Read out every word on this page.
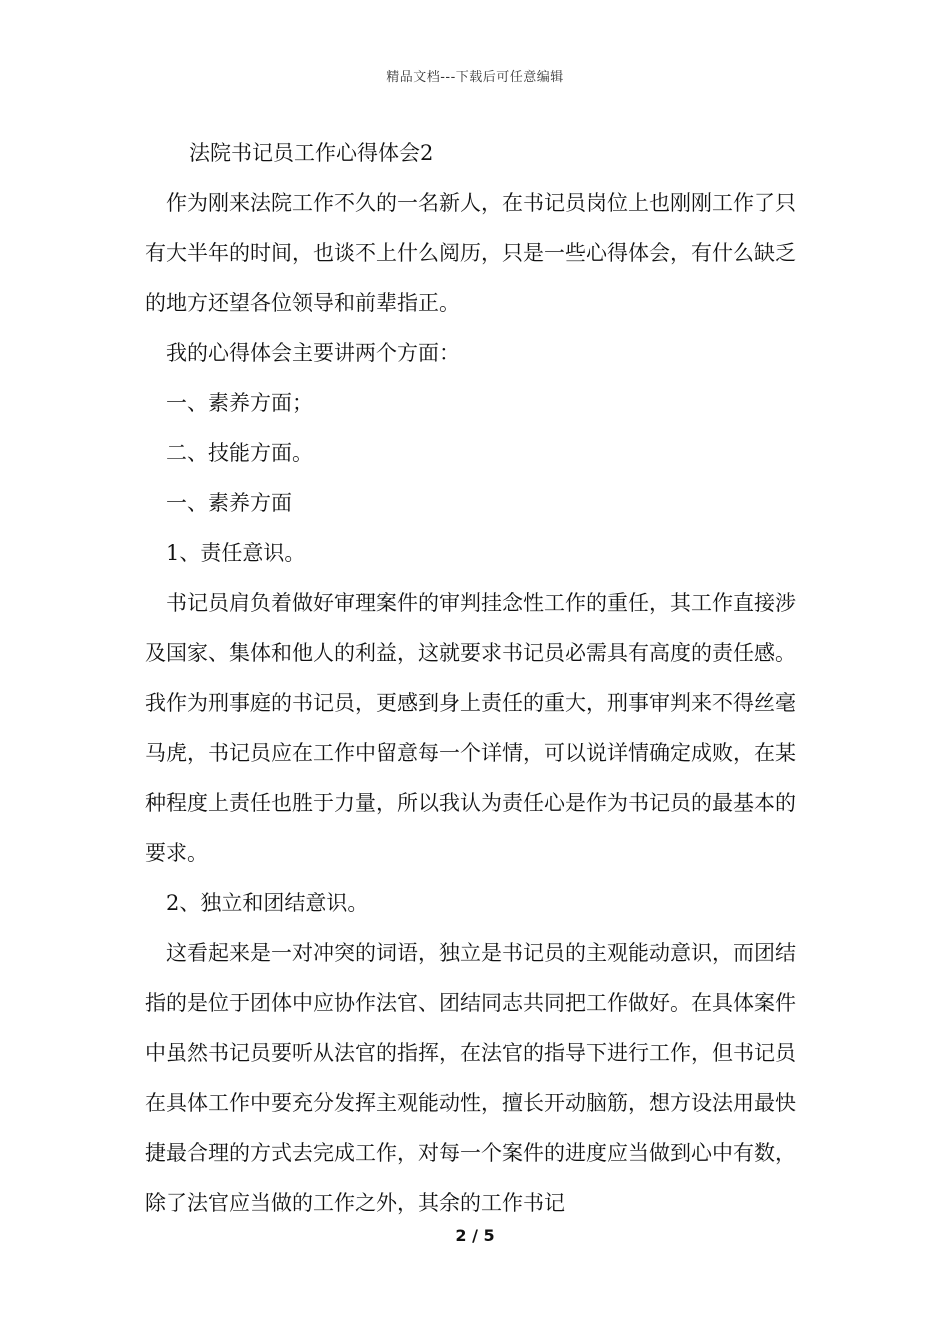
精品文档---下载后可任意编辑

法院书记员工作心得体会2

作为刚来法院工作不久的一名新人，在书记员岗位上也刚刚工作了只有大半年的时间，也谈不上什么阅历，只是一些心得体会，有什么缺乏的地方还望各位领导和前辈指正。

我的心得体会主要讲两个方面：

一、素养方面；

二、技能方面。

一、素养方面

1、责任意识。

书记员肩负着做好审理案件的审判挂念性工作的重任，其工作直接涉及国家、集体和他人的利益，这就要求书记员必需具有高度的责任感。我作为刑事庭的书记员，更感到身上责任的重大，刑事审判来不得丝毫马虎，书记员应在工作中留意每一个详情，可以说详情确定成败，在某种程度上责任也胜于力量，所以我认为责任心是作为书记员的最基本的要求。

2、独立和团结意识。

这看起来是一对冲突的词语，独立是书记员的主观能动意识，而团结指的是位于团体中应协作法官、团结同志共同把工作做好。在具体案件中虽然书记员要听从法官的指挥，在法官的指导下进行工作，但书记员在具体工作中要充分发挥主观能动性，擅长开动脑筋，想方设法用最快捷最合理的方式去完成工作，对每一个案件的进度应当做到心中有数，除了法官应当做的工作之外，其余的工作书记

2 / 5
